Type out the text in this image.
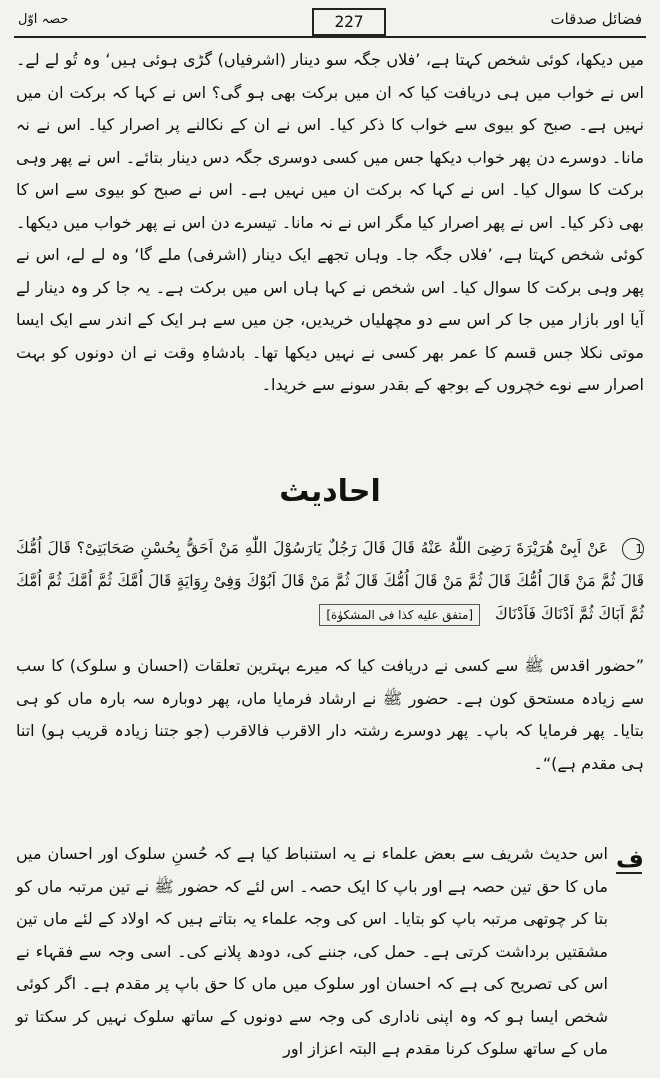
فضائل صدقات
227
حصہ اوّل

میں دیکھا، کوئی شخص کہتا ہے، ’فلاں جگہ سو دینار (اشرفیاں) گڑی ہوئی ہیں‘ وہ تُو لے لے۔ اس نے خواب میں ہی دریافت کیا کہ ان میں برکت بھی ہو گی؟ اس نے کہا کہ برکت ان میں نہیں ہے۔ صبح کو بیوی سے خواب کا ذکر کیا۔ اس نے ان کے نکالنے پر اصرار کیا۔ اس نے نہ مانا۔ دوسرے دن پھر خواب دیکھا جس میں کسی دوسری جگہ دس دینار بتائے۔ اس نے پھر وہی برکت کا سوال کیا۔ اس نے کہا کہ برکت ان میں نہیں ہے۔ اس نے صبح کو بیوی سے اس کا بھی ذکر کیا۔ اس نے پھر اصرار کیا مگر اس نے نہ مانا۔ تیسرے دن اس نے پھر خواب میں دیکھا۔ کوئی شخص کہتا ہے، ’فلاں جگہ جا۔ وہاں تجھے ایک دینار (اشرفی) ملے گا‘ وہ لے لے، اس نے پھر وہی برکت کا سوال کیا۔ اس شخص نے کہا ہاں اس میں برکت ہے۔ یہ جا کر وہ دینار لے آیا اور بازار میں جا کر اس سے دو مچھلیاں خریدیں، جن میں سے ہر ایک کے اندر سے ایک ایسا موتی نکلا جس قسم کا عمر بھر کسی نے نہیں دیکھا تھا۔ بادشاہِ وقت نے ان دونوں کو بہت اصرار سے نوے خچروں کے بوجھ کے بقدر سونے سے خریدا۔

احادیث
1 عَنْ اَبِیْ هُرَيْرَةَ رَضِىَ اللّٰهُ عَنْهُ قَالَ قَالَ رَجُلٌ يَارَسُوْلَ اللّٰهِ مَنْ اَحَقُّ بِحُسْنِ صَحَابَتِیْ؟ قَالَ اُمُّكَ قَالَ ثُمَّ مَنْ قَالَ اُمُّكَ قَالَ ثُمَّ مَنْ قَالَ اُمُّكَ قَالَ ثُمَّ مَنْ قَالَ اَبُوْكَ وَفِیْ رِوَايَةٍ قَالَ اُمَّكَ ثُمَّ اُمَّكَ ثُمَّ اُمَّكَ ثُمَّ اَبَاكَ ثُمَّ اَدْنَاكَ فَاَدْنَاكَ [متفق علیه کذا فی المشکوٰة]

”حضور اقدس ﷺ سے کسی نے دریافت کیا کہ میرے بہترین تعلقات (احسان و سلوک) کا سب سے زیادہ مستحق کون ہے۔ حضور ﷺ نے ارشاد فرمایا ماں، پھر دوبارہ سہ بارہ ماں کو ہی بتایا۔ پھر فرمایا کہ باپ۔ پھر دوسرے رشتہ دار الاقرب فالاقرب (جو جتنا زیادہ قریب ہو) اتنا ہی مقدم ہے)“۔

ف

اس حدیث شریف سے بعض علماء نے یہ استنباط کیا ہے کہ حُسنِ سلوک اور احسان میں ماں کا حق تین حصہ ہے اور باپ کا ایک حصہ۔ اس لئے کہ حضور ﷺ نے تین مرتبہ ماں کو بتا کر چوتھی مرتبہ باپ کو بتایا۔ اس کی وجہ علماء یہ بتاتے ہیں کہ اولاد کے لئے ماں تین مشقتیں برداشت کرتی ہے۔ حمل کی، جننے کی، دودھ پلانے کی۔ اسی وجہ سے فقہاء نے اس کی تصریح کی ہے کہ احسان اور سلوک میں ماں کا حق باپ پر مقدم ہے۔ اگر کوئی شخص ایسا ہو کہ وہ اپنی ناداری کی وجہ سے دونوں کے ساتھ سلوک نہیں کر سکتا تو ماں کے ساتھ سلوک کرنا مقدم ہے البتہ اعزاز اور
